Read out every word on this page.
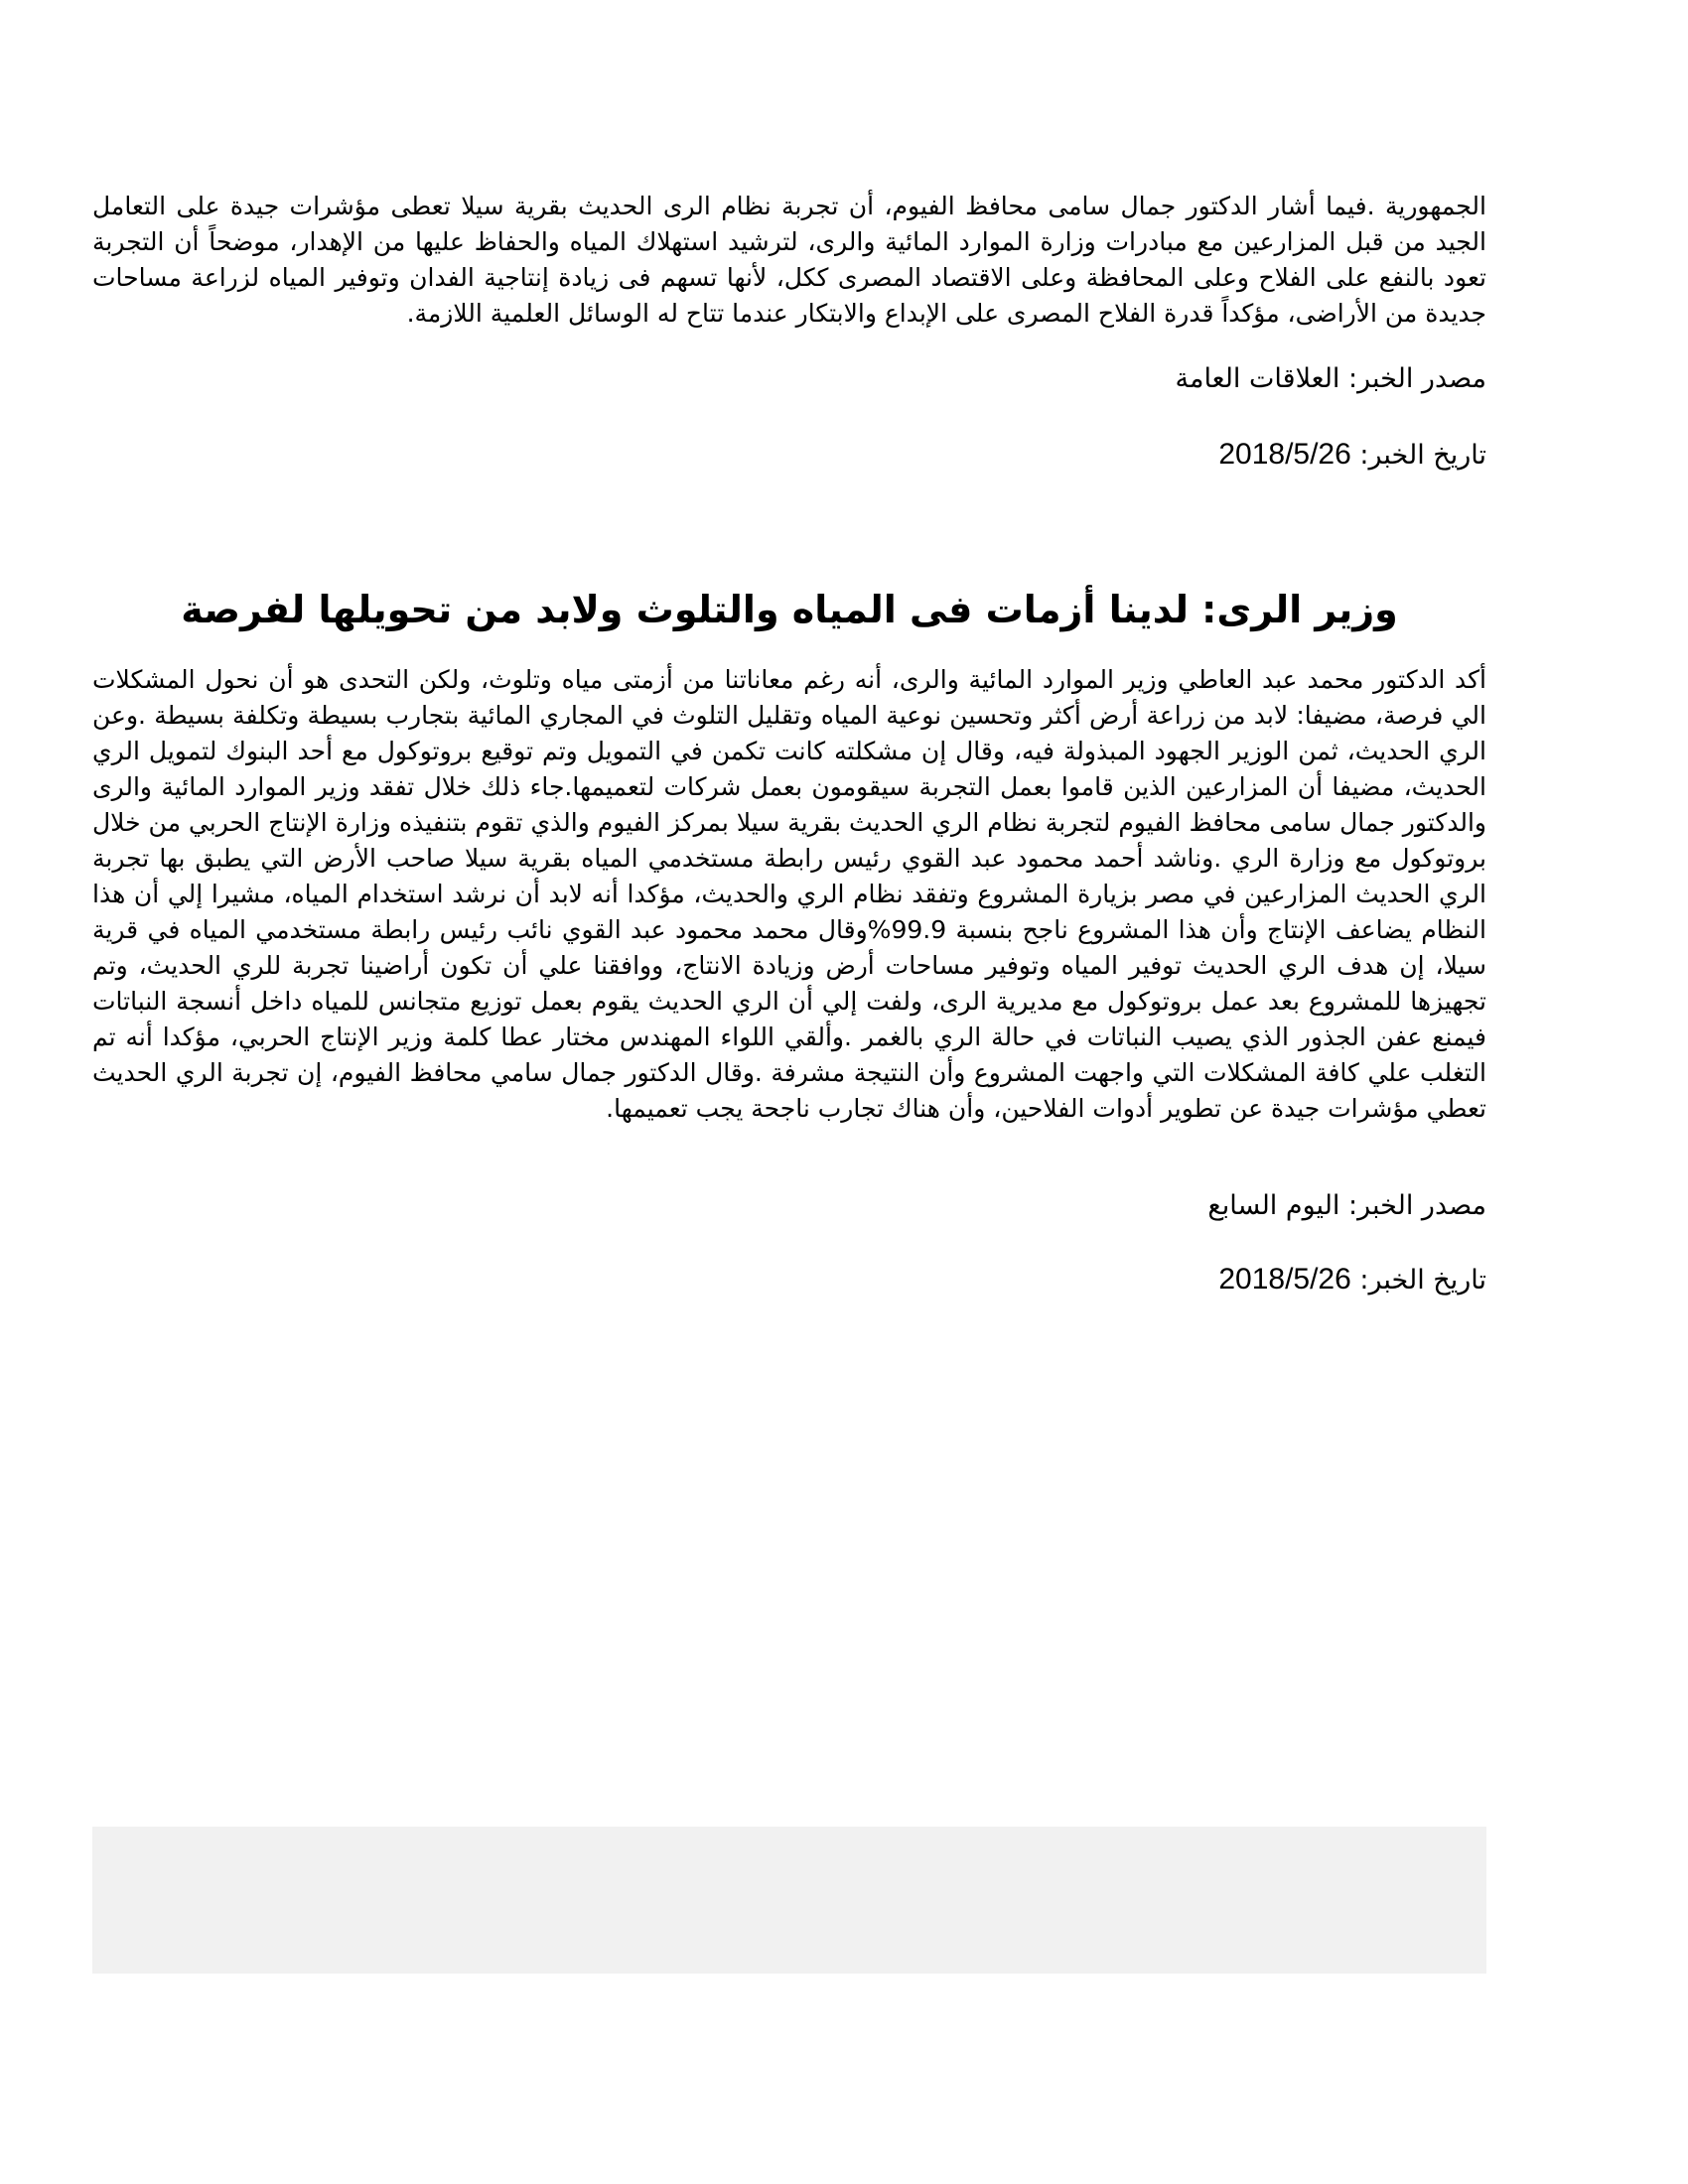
الجمهورية .فيما أشار الدكتور جمال سامى محافظ الفيوم، أن تجربة نظام الرى الحديث بقرية سيلا تعطى مؤشرات جيدة على التعامل الجيد من قبل المزارعين مع مبادرات وزارة الموارد المائية والرى، لترشيد استهلاك المياه والحفاظ عليها من الإهدار، موضحاً أن التجربة تعود بالنفع على الفلاح وعلى المحافظة وعلى الاقتصاد المصرى ككل، لأنها تسهم فى زيادة إنتاجية الفدان وتوفير المياه لزراعة مساحات جديدة من الأراضى، مؤكداً قدرة الفلاح المصرى على الإبداع والابتكار عندما تتاح له الوسائل العلمية اللازمة.

مصدر الخبر: العلاقات العامة

تاريخ الخبر: 2018/5/26

وزير الرى: لدينا أزمات فى المياه والتلوث ولابد من تحويلها لفرصة

أكد الدكتور محمد عبد العاطي وزير الموارد المائية والرى، أنه رغم معاناتنا من أزمتى مياه وتلوث، ولكن التحدى هو أن نحول المشكلات الي فرصة، مضيفا: لابد من زراعة أرض أكثر وتحسين نوعية المياه وتقليل التلوث في المجاري المائية بتجارب بسيطة وتكلفة بسيطة .وعن الري الحديث، ثمن الوزير الجهود المبذولة فيه، وقال إن مشكلته كانت تكمن في التمويل وتم توقيع بروتوكول مع أحد البنوك لتمويل الري الحديث، مضيفا أن المزارعين الذين قاموا بعمل التجربة سيقومون بعمل شركات لتعميمها.جاء ذلك خلال تفقد وزير الموارد المائية والرى والدكتور جمال سامى محافظ الفيوم لتجربة نظام الري الحديث بقرية سيلا بمركز الفيوم والذي تقوم بتنفيذه وزارة الإنتاج الحربي من خلال بروتوكول مع وزارة الري .وناشد أحمد محمود عبد القوي رئيس رابطة مستخدمي المياه بقرية سيلا صاحب الأرض التي يطبق بها تجربة الري الحديث المزارعين في مصر بزيارة المشروع وتفقد نظام الري والحديث، مؤكدا أنه لابد أن نرشد استخدام المياه، مشيرا إلي أن هذا النظام يضاعف الإنتاج وأن هذا المشروع ناجح بنسبة 99.9%وقال محمد محمود عبد القوي نائب رئيس رابطة مستخدمي المياه في قرية سيلا، إن هدف الري الحديث توفير المياه وتوفير مساحات أرض وزيادة الانتاج، ووافقنا علي أن تكون أراضينا تجربة للري الحديث، وتم تجهيزها للمشروع بعد عمل بروتوكول مع مديرية الرى، ولفت إلي أن الري الحديث يقوم بعمل توزيع متجانس للمياه داخل أنسجة النباتات فيمنع عفن الجذور الذي يصيب النباتات في حالة الري بالغمر .وألقي اللواء المهندس مختار عطا كلمة وزير الإنتاج الحربي، مؤكدا أنه تم التغلب علي كافة المشكلات التي واجهت المشروع وأن النتيجة مشرفة .وقال الدكتور جمال سامي محافظ الفيوم، إن تجربة الري الحديث تعطي مؤشرات جيدة عن تطوير أدوات الفلاحين، وأن هناك تجارب ناجحة يجب تعميمها.

مصدر الخبر: اليوم السابع

تاريخ الخبر: 2018/5/26
